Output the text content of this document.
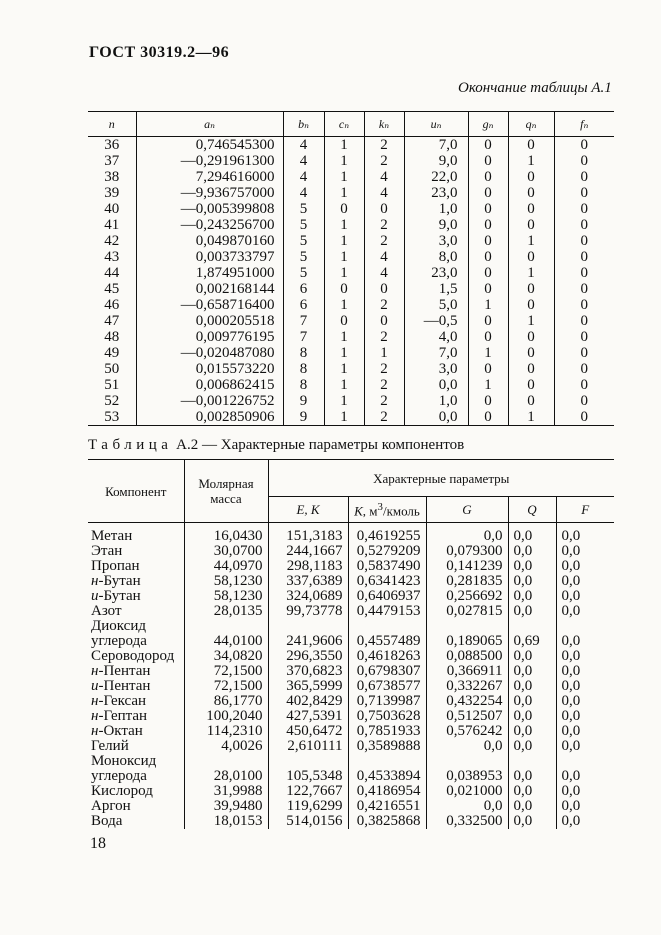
ГОСТ 30319.2—96
Окончание таблицы А.1
n	aₙ	bₙ	cₙ	kₙ	uₙ	gₙ	qₙ	fₙ
36	0,746545300	4	1	2	7,0	0	0	0
37	—0,291961300	4	1	2	9,0	0	1	0
38	7,294616000	4	1	4	22,0	0	0	0
39	—9,936757000	4	1	4	23,0	0	0	0
40	—0,005399808	5	0	0	1,0	0	0	0
41	—0,243256700	5	1	2	9,0	0	0	0
42	0,049870160	5	1	2	3,0	0	1	0
43	0,003733797	5	1	4	8,0	0	0	0
44	1,874951000	5	1	4	23,0	0	1	0
45	0,002168144	6	0	0	1,5	0	0	0
46	—0,658716400	6	1	2	5,0	1	0	0
47	0,000205518	7	0	0	—0,5	0	1	0
48	0,009776195	7	1	2	4,0	0	0	0
49	—0,020487080	8	1	1	7,0	1	0	0
50	0,015573220	8	1	2	3,0	0	0	0
51	0,006862415	8	1	2	0,0	1	0	0
52	—0,001226752	9	1	2	1,0	0	0	0
53	0,002850906	9	1	2	0,0	0	1	0
Таблица А.2 — Характерные параметры компонентов
Компонент	Молярная масса	Характерные параметры				
		E, K	K, $м^3$/кмоль	G	Q	F
Метан	16,0430	151,3183	0,4619255	0,0	0,0	0,0
Этан	30,0700	244,1667	0,5279209	0,079300	0,0	0,0
Пропан	44,0970	298,1183	0,5837490	0,141239	0,0	0,0
н-Бутан	58,1230	337,6389	0,6341423	0,281835	0,0	0,0
и-Бутан	58,1230	324,0689	0,6406937	0,256692	0,0	0,0
Азот	28,0135	99,73778	0,4479153	0,027815	0,0	0,0
Диоксид						
углерода	44,0100	241,9606	0,4557489	0,189065	0,69	0,0
Сероводород	34,0820	296,3550	0,4618263	0,088500	0,0	0,0
н-Пентан	72,1500	370,6823	0,6798307	0,366911	0,0	0,0
и-Пентан	72,1500	365,5999	0,6738577	0,332267	0,0	0,0
н-Гексан	86,1770	402,8429	0,7139987	0,432254	0,0	0,0
н-Гептан	100,2040	427,5391	0,7503628	0,512507	0,0	0,0
н-Октан	114,2310	450,6472	0,7851933	0,576242	0,0	0,0
Гелий	4,0026	2,610111	0,3589888	0,0	0,0	0,0
Моноксид						
углерода	28,0100	105,5348	0,4533894	0,038953	0,0	0,0
Кислород	31,9988	122,7667	0,4186954	0,021000	0,0	0,0
Аргон	39,9480	119,6299	0,4216551	0,0	0,0	0,0
Вода	18,0153	514,0156	0,3825868	0,332500	0,0	0,0
18
